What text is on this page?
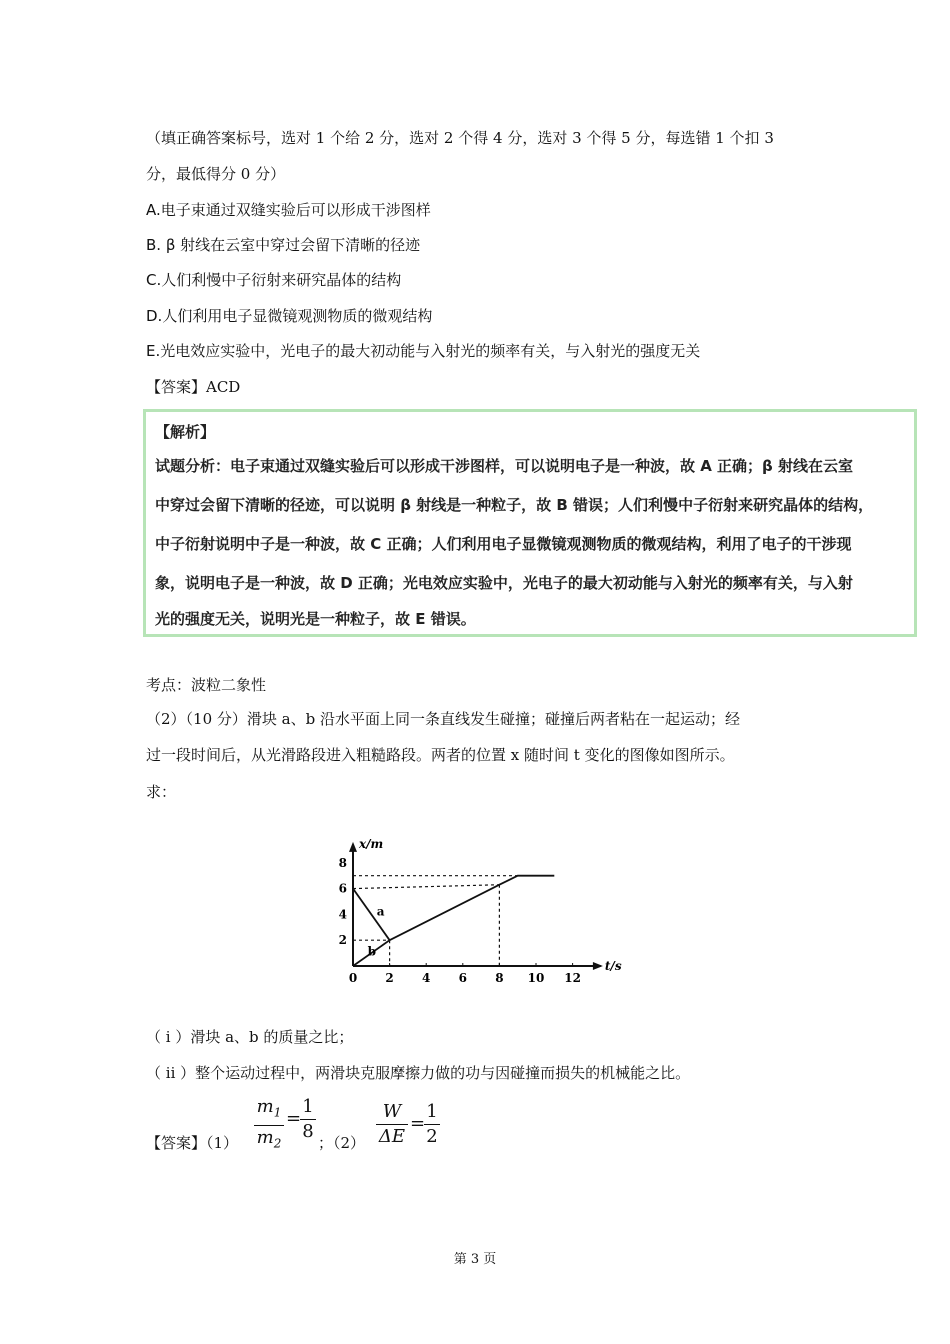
（填正确答案标号，选对 1 个给 2 分，选对 2 个得 4 分，选对 3 个得 5 分，每选错 1 个扣 3
分，最低得分 0 分）
A.电子束通过双缝实验后可以形成干涉图样
B. β 射线在云室中穿过会留下清晰的径迹
C.人们利慢中子衍射来研究晶体的结构
D.人们利用电子显微镜观测物质的微观结构
E.光电效应实验中，光电子的最大初动能与入射光的频率有关，与入射光的强度无关
【答案】ACD
【解析】
试题分析：电子束通过双缝实验后可以形成干涉图样，可以说明电子是一种波，故 A 正确；β 射线在云室
中穿过会留下清晰的径迹，可以说明 β 射线是一种粒子，故 B 错误；人们利慢中子衍射来研究晶体的结构，
中子衍射说明中子是一种波，故 C 正确；人们利用电子显微镜观测物质的微观结构，利用了电子的干涉现
象，说明电子是一种波，故 D 正确；光电效应实验中，光电子的最大初动能与入射光的频率有关，与入射
光的强度无关，说明光是一种粒子，故 E 错误。
考点：波粒二象性
（2）（10 分）滑块 a、b 沿水平面上同一条直线发生碰撞；碰撞后两者粘在一起运动；经
过一段时间后，从光滑路段进入粗糙路段。两者的位置 x 随时间 t 变化的图像如图所示。
求：
x/m
t/s
0 2 4 6 8 10 12
2
4
6
8
a
b
（ i ）滑块 a、b 的质量之比；
（ ii ）整个运动过程中，两滑块克服摩擦力做的功与因碰撞而损失的机械能之比。
【答案】（1）
$m_1$
$m_2$
=
1
8
；（2）
W
ΔE
=
1
2
第 3 页
